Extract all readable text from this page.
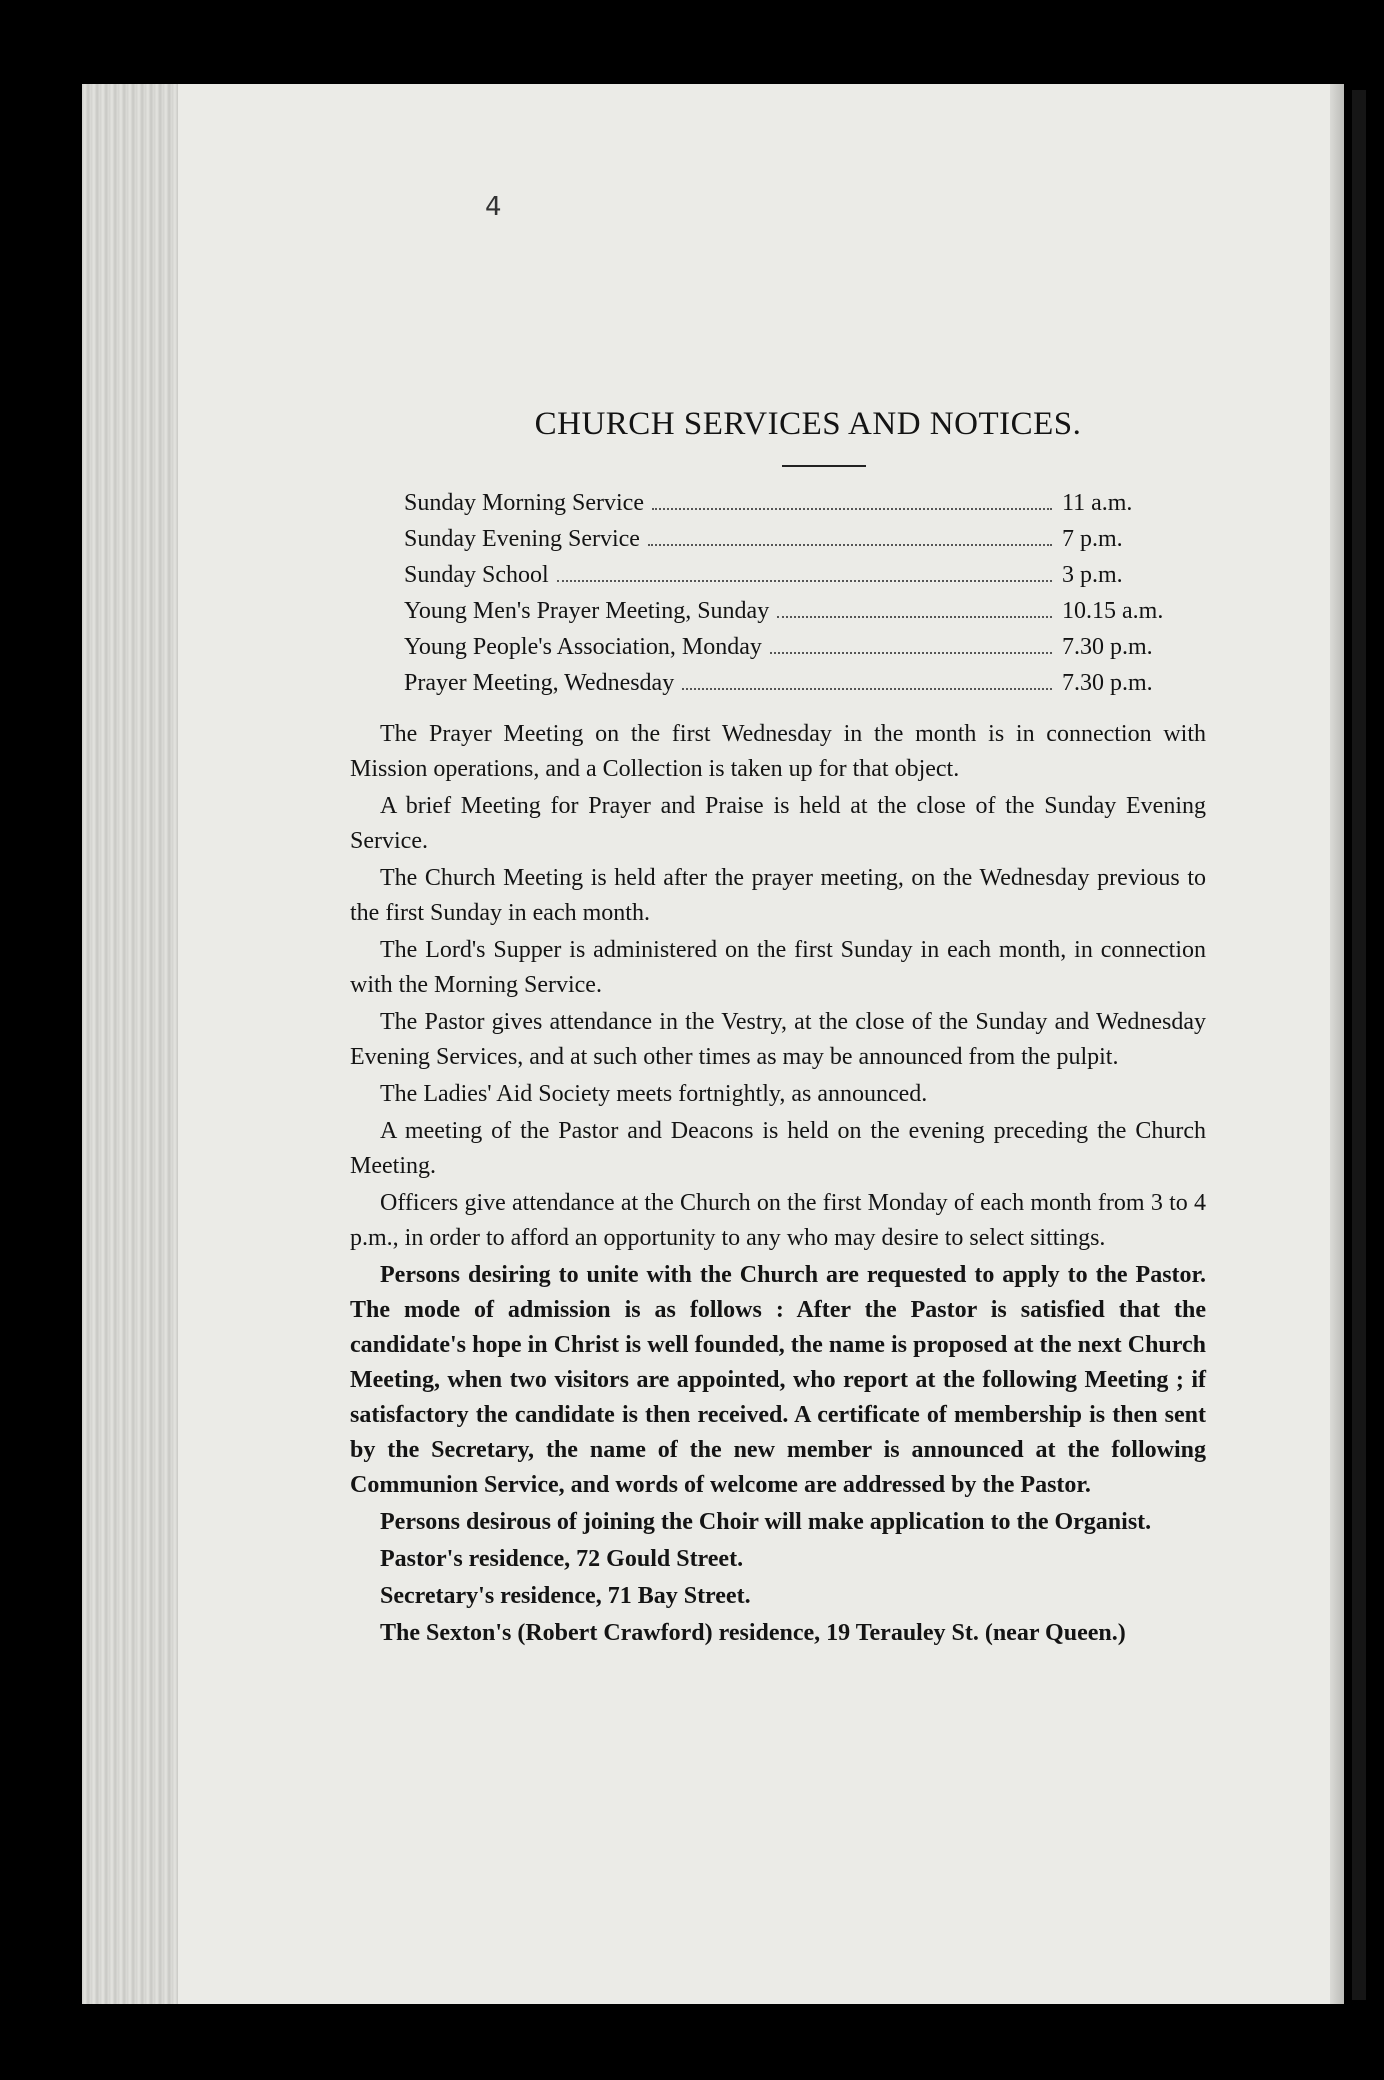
4
CHURCH SERVICES AND NOTICES.
Sunday Morning Service	11 a.m.
Sunday Evening Service	7 p.m.
Sunday School	3 p.m.
Young Men's Prayer Meeting, Sunday	10.15 a.m.
Young People's Association, Monday	7.30 p.m.
Prayer Meeting, Wednesday	7.30 p.m.

The Prayer Meeting on the first Wednesday in the month is in connection with Mission operations, and a Collection is taken up for that object.

A brief Meeting for Prayer and Praise is held at the close of the Sunday Evening Service.

The Church Meeting is held after the prayer meeting, on the Wednesday previous to the first Sunday in each month.

The Lord's Supper is administered on the first Sunday in each month, in connection with the Morning Service.

The Pastor gives attendance in the Vestry, at the close of the Sunday and Wednesday Evening Services, and at such other times as may be announced from the pulpit.

The Ladies' Aid Society meets fortnightly, as announced.

A meeting of the Pastor and Deacons is held on the evening preceding the Church Meeting.

Officers give attendance at the Church on the first Monday of each month from 3 to 4 p.m., in order to afford an opportunity to any who may desire to select sittings.

Persons desiring to unite with the Church are requested to apply to the Pastor. The mode of admission is as follows : After the Pastor is satisfied that the candidate's hope in Christ is well founded, the name is proposed at the next Church Meeting, when two visitors are appointed, who report at the following Meeting ; if satisfactory the candidate is then received. A certificate of membership is then sent by the Secretary, the name of the new member is announced at the following Communion Service, and words of welcome are addressed by the Pastor.

Persons desirous of joining the Choir will make application to the Organist.

Pastor's residence, 72 Gould Street.

Secretary's residence, 71 Bay Street.

The Sexton's (Robert Crawford) residence, 19 Terauley St. (near Queen.)
